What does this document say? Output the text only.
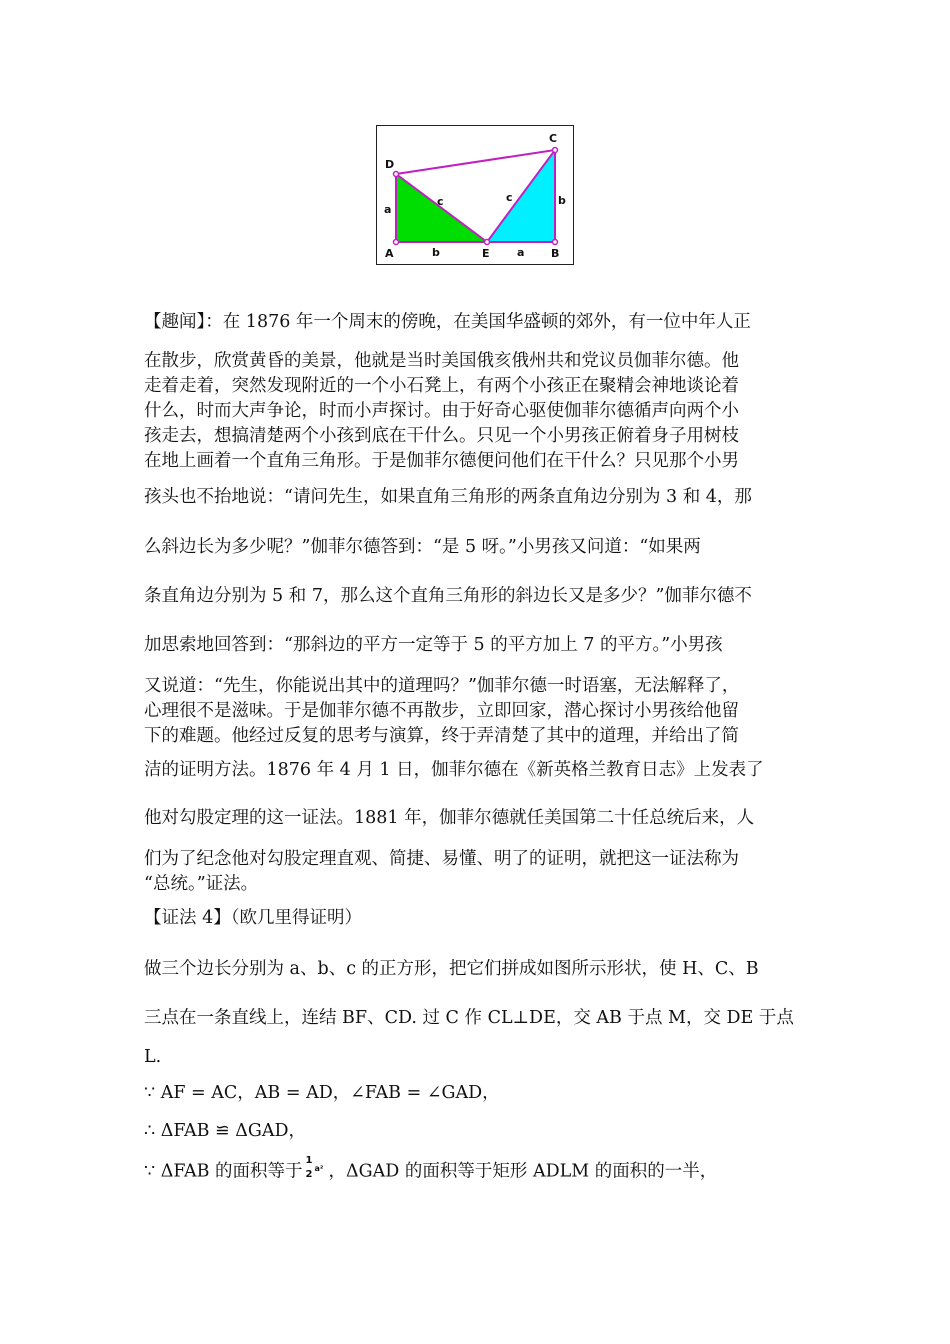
C
D
A	E	B
a
c	c	b
b	a
【趣闻】：在 1876 年一个周末的傍晚，在美国华盛顿的郊外，有一位中年人正
在散步，欣赏黄昏的美景，他就是当时美国俄亥俄州共和党议员伽菲尔德。他
走着走着，突然发现附近的一个小石凳上，有两个小孩正在聚精会神地谈论着
什么，时而大声争论，时而小声探讨。由于好奇心驱使伽菲尔德循声向两个小
孩走去，想搞清楚两个小孩到底在干什么。只见一个小男孩正俯着身子用树枝
在地上画着一个直角三角形。于是伽菲尔德便问他们在干什么？只见那个小男
孩头也不抬地说：“请问先生，如果直角三角形的两条直角边分别为 3 和 4，那
么斜边长为多少呢？”伽菲尔德答到：“是 5 呀。”小男孩又问道：“如果两
条直角边分别为 5 和 7，那么这个直角三角形的斜边长又是多少？”伽菲尔德不
加思索地回答到：“那斜边的平方一定等于 5 的平方加上 7 的平方。”小男孩
又说道：“先生，你能说出其中的道理吗？”伽菲尔德一时语塞，无法解释了，
心理很不是滋味。于是伽菲尔德不再散步，立即回家，潜心探讨小男孩给他留
下的难题。他经过反复的思考与演算，终于弄清楚了其中的道理，并给出了简
洁的证明方法。1876 年 4 月 1 日，伽菲尔德在《新英格兰教育日志》上发表了
他对勾股定理的这一证法。1881 年，伽菲尔德就任美国第二十任总统后来，人
们为了纪念他对勾股定理直观、简捷、易懂、明了的证明，就把这一证法称为
“总统。”证法。
【证法 4】（欧几里得证明）
做三个边长分别为 a、b、c 的正方形，把它们拼成如图所示形状，使 H、C、B
三点在一条直线上，连结 BF、CD. 过 C 作 CL⊥DE，交 AB 于点 M，交 DE 于点
L.
∵ AF = AC，AB = AD，∠FAB = ∠GAD，
∴ ΔFAB ≌ ΔGAD，
∵ ΔFAB 的面积等于
1
2
a² ，ΔGAD 的面积等于矩形 ADLM 的面积的一半，
